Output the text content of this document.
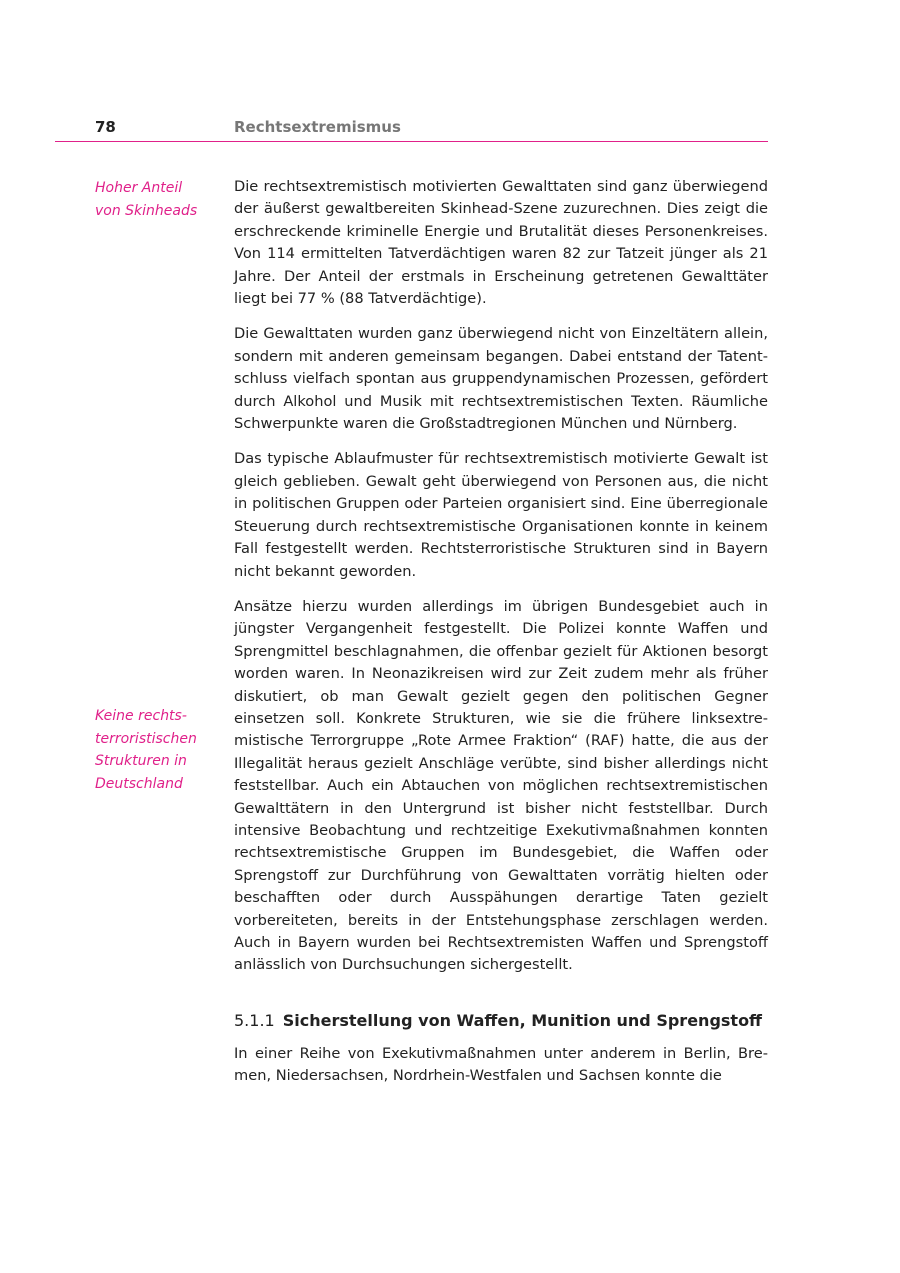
78	Rechtsextremismus
Hoher Anteil
von Skinheads
Keine rechts-
terroristischen
Strukturen in
Deutschland

Die rechtsextremistisch motivierten Gewalttaten sind ganz überwiegend der äußerst gewaltbereiten Skinhead-Szene zuzurechnen. Dies zeigt die erschreckende kriminelle Energie und Brutalität dieses Personenkreises. Von 114 ermittelten Tatverdächtigen waren 82 zur Tatzeit jünger als 21 Jahre. Der Anteil der erstmals in Erscheinung getretenen Gewalttäter liegt bei 77 % (88 Tatverdächtige).

Die Gewalttaten wurden ganz überwiegend nicht von Einzeltätern allein, sondern mit anderen gemeinsam begangen. Dabei entstand der Tatentschluss vielfach spontan aus gruppendynamischen Prozessen, gefördert durch Alkohol und Musik mit rechtsextremistischen Texten. Räumliche Schwerpunkte waren die Großstadtregionen München und Nürnberg.

Das typische Ablaufmuster für rechtsextremistisch motivierte Gewalt ist gleich geblieben. Gewalt geht überwiegend von Personen aus, die nicht in politischen Gruppen oder Parteien organisiert sind. Eine überregionale Steuerung durch rechtsextremistische Organisationen konnte in keinem Fall festgestellt werden. Rechtsterroristische Strukturen sind in Bayern nicht bekannt geworden.

Ansätze hierzu wurden allerdings im übrigen Bundesgebiet auch in jüngster Vergangenheit festgestellt. Die Polizei konnte Waffen und Sprengmittel beschlagnahmen, die offenbar gezielt für Aktionen besorgt worden waren. In Neonazikreisen wird zur Zeit zudem mehr als früher diskutiert, ob man Gewalt gezielt gegen den politischen Gegner einsetzen soll. Konkrete Strukturen, wie sie die frühere linksextremistische Terrorgruppe „Rote Armee Fraktion“ (RAF) hatte, die aus der Illegalität heraus gezielt Anschläge verübte, sind bisher allerdings nicht feststellbar. Auch ein Abtauchen von möglichen rechtsextremistischen Gewalttätern in den Untergrund ist bisher nicht feststellbar. Durch intensive Beobachtung und rechtzeitige Exekutivmaßnahmen konnten rechtsextremistische Gruppen im Bundesgebiet, die Waffen oder Sprengstoff zur Durchführung von Gewalttaten vorrätig hielten oder beschafften oder durch Ausspähungen derartige Taten gezielt vorbereiteten, bereits in der Entstehungsphase zerschlagen werden. Auch in Bayern wurden bei Rechtsextremisten Waffen und Sprengstoff anlässlich von Durchsuchungen sichergestellt.

5.1.1 Sicherstellung von Waffen, Munition und Sprengstoff

In einer Reihe von Exekutivmaßnahmen unter anderem in Berlin, Bremen, Niedersachsen, Nordrhein-Westfalen und Sachsen konnte die
